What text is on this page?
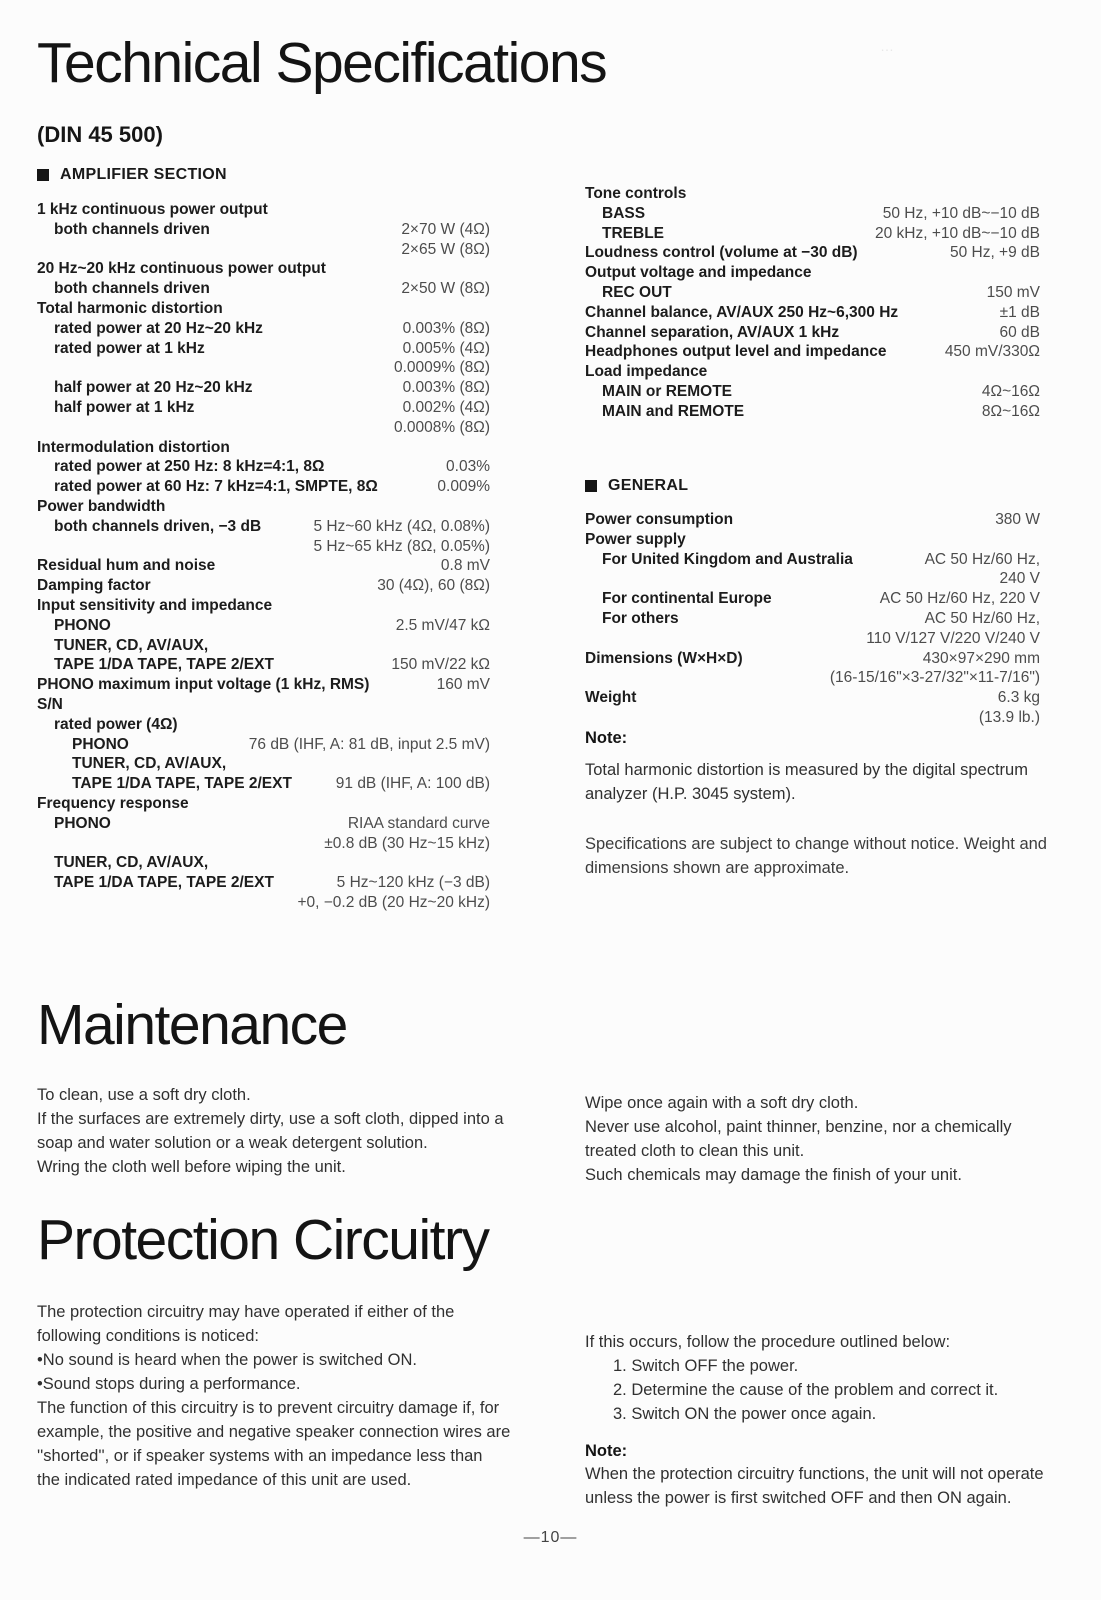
Technical Specifications	…
(DIN 45 500)
AMPLIFIER SECTION
1 kHz continuous power output
both channels driven	2×70 W (4Ω)
2×65 W (8Ω)
20 Hz~20 kHz continuous power output
both channels driven	2×50 W (8Ω)
Total harmonic distortion
rated power at 20 Hz~20 kHz	0.003% (8Ω)
rated power at 1 kHz	0.005% (4Ω)
0.0009% (8Ω)
half power at 20 Hz~20 kHz	0.003% (8Ω)
half power at 1 kHz	0.002% (4Ω)
0.0008% (8Ω)
Intermodulation distortion
rated power at 250 Hz: 8 kHz=4:1, 8Ω	0.03%
rated power at 60 Hz: 7 kHz=4:1, SMPTE, 8Ω	0.009%
Power bandwidth
both channels driven, −3 dB	5 Hz~60 kHz (4Ω, 0.08%)
5 Hz~65 kHz (8Ω, 0.05%)
Residual hum and noise	0.8 mV
Damping factor	30 (4Ω), 60 (8Ω)
Input sensitivity and impedance
PHONO	2.5 mV/47 kΩ
TUNER, CD, AV/AUX,
TAPE 1/DA TAPE, TAPE 2/EXT	150 mV/22 kΩ
PHONO maximum input voltage (1 kHz, RMS)	160 mV
S/N
rated power (4Ω)
PHONO	76 dB (IHF, A: 81 dB, input 2.5 mV)
TUNER, CD, AV/AUX,
TAPE 1/DA TAPE, TAPE 2/EXT	91 dB (IHF, A: 100 dB)
Frequency response
PHONO	RIAA standard curve
±0.8 dB (30 Hz~15 kHz)
TUNER, CD, AV/AUX,
TAPE 1/DA TAPE, TAPE 2/EXT	5 Hz~120 kHz (−3 dB)
+0, −0.2 dB (20 Hz~20 kHz)
Tone controls
BASS	50 Hz, +10 dB~−10 dB
TREBLE	20 kHz, +10 dB~−10 dB
Loudness control (volume at −30 dB)	50 Hz, +9 dB
Output voltage and impedance
REC OUT	150 mV
Channel balance, AV/AUX 250 Hz~6,300 Hz	±1 dB
Channel separation, AV/AUX 1 kHz	60 dB
Headphones output level and impedance	450 mV/330Ω
Load impedance
MAIN or REMOTE	4Ω~16Ω
MAIN and REMOTE	8Ω~16Ω
GENERAL
Power consumption	380 W
Power supply
For United Kingdom and Australia	AC 50 Hz/60 Hz,
240 V
For continental Europe	AC 50 Hz/60 Hz, 220 V
For others	AC 50 Hz/60 Hz,
110 V/127 V/220 V/240 V
Dimensions (W×H×D)	430×97×290 mm
(16-15/16"×3-27/32"×11-7/16")
Weight	6.3 kg
(13.9 lb.)
Note:
Total harmonic distortion is measured by the digital spectrum
analyzer (H.P. 3045 system).
Specifications are subject to change without notice. Weight and
dimensions shown are approximate.
Maintenance
To clean, use a soft dry cloth.
If the surfaces are extremely dirty, use a soft cloth, dipped into a
soap and water solution or a weak detergent solution.
Wring the cloth well before wiping the unit.
Wipe once again with a soft dry cloth.
Never use alcohol, paint thinner, benzine, nor a chemically
treated cloth to clean this unit.
Such chemicals may damage the finish of your unit.
Protection Circuitry
The protection circuitry may have operated if either of the
following conditions is noticed:
•No sound is heard when the power is switched ON.
•Sound stops during a performance.
The function of this circuitry is to prevent circuitry damage if, for
example, the positive and negative speaker connection wires are
''shorted'', or if speaker systems with an impedance less than
the indicated rated impedance of this unit are used.
If this occurs, follow the procedure outlined below:
1. Switch OFF the power.
2. Determine the cause of the problem and correct it.
3. Switch ON the power once again.
Note:
When the protection circuitry functions, the unit will not operate
unless the power is first switched OFF and then ON again.
—10—
